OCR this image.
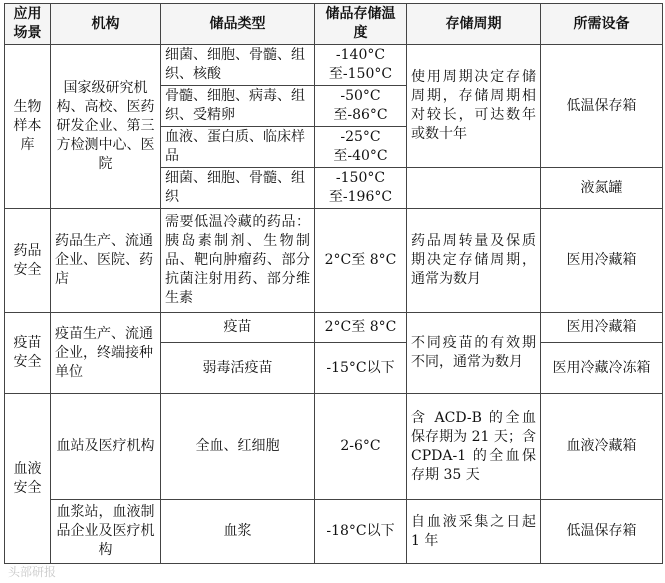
应用场景	机构	储品类型	储品存储温度	存储周期	所需设备
生物样本库	国家级研究机构、高校、医药研发企业、第三方检测中心、医院	细菌、细胞、骨髓、组织、核酸	-140°C至-150°C	使用周期决定存储周期，存储周期相对较长，可达数年或数十年	低温保存箱
		骨髓、细胞、病毒、组织、受精卵	-50°C至-86°C		
		血液、蛋白质、临床样品	-25°C至-40°C		
		细菌、细胞、骨髓、组织	-150°C至-196°C		液氮罐
药品安全	药品生产、流通企业、医院、药店	需要低温冷藏的药品：胰岛素制剂、生物制品、靶向肿瘤药、部分抗菌注射用药、部分维生素	2°C至 8°C	药品周转量及保质期决定存储周期，通常为数月	医用冷藏箱
疫苗安全	疫苗生产、流通企业，终端接种单位	疫苗	2°C至 8°C	不同疫苗的有效期不同，通常为数月	医用冷藏箱
		弱毒活疫苗	-15°C以下		医用冷藏冷冻箱
血液安全	血站及医疗机构	全血、红细胞	2-6°C	含 ACD-B 的全血保存期为 21 天；含 CPDA-1 的全血保存期 35 天	血液冷藏箱
	血浆站，血液制品企业及医疗机构	血浆	-18°C以下	自血液采集之日起 1 年	低温保存箱
头部研报
